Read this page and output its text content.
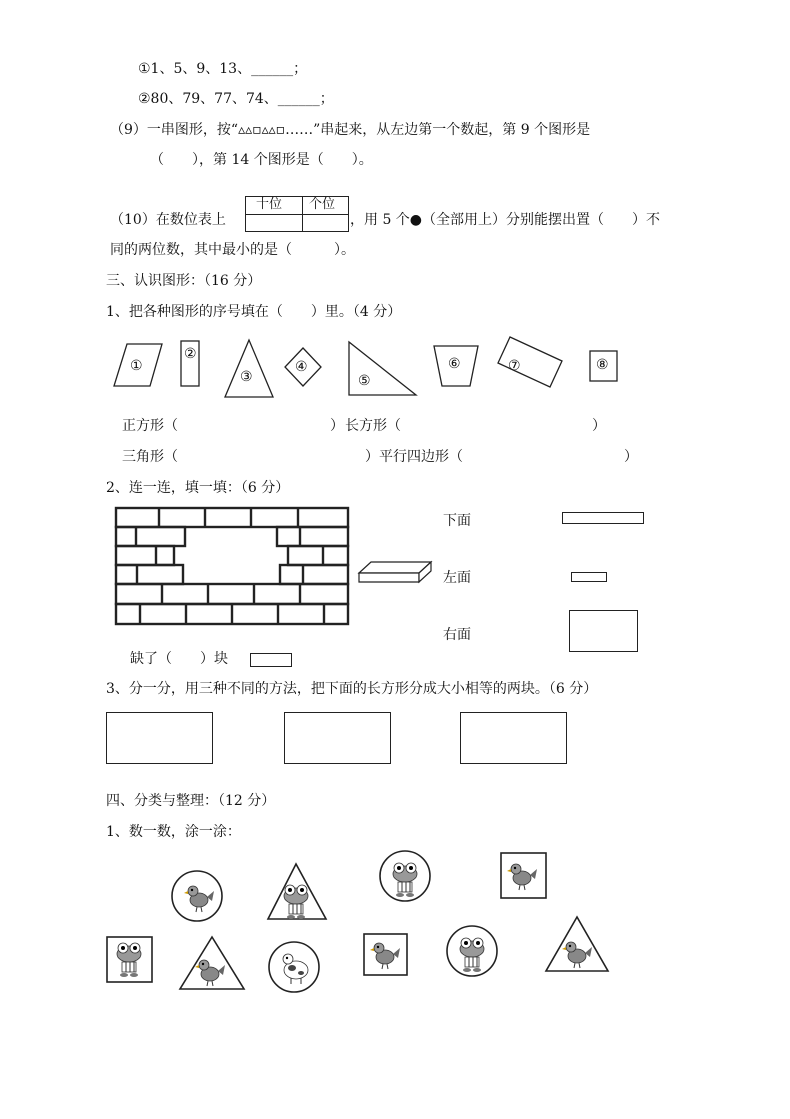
①1、5、9、13、______；
②80、79、77、74、______；
（9）一串图形，按“▵▵▫▵▵▫……”串起来，从左边第一个数起，第 9 个图形是
（　　），第 14 个图形是（　　）。
（10）在数位表上
十位 个位
，用 5 个●（全部用上）分别能摆出置（　　）不
同的两位数，其中最小的是（　　　）。
三、认识图形：（16 分）
1、把各种图形的序号填在（　　）里。（4 分）
①
②
③
④
⑤
⑥	⑦	⑧
正方形（	） 长方形（	）
三角形（	） 平行四边形（	）
2、连一连，填一填：（6 分）
下面
左面
右面
缺了（　　）块
3、分一分，用三种不同的方法，把下面的长方形分成大小相等的两块。（6 分）
四、分类与整理：（12 分）
1、数一数，涂一涂：
